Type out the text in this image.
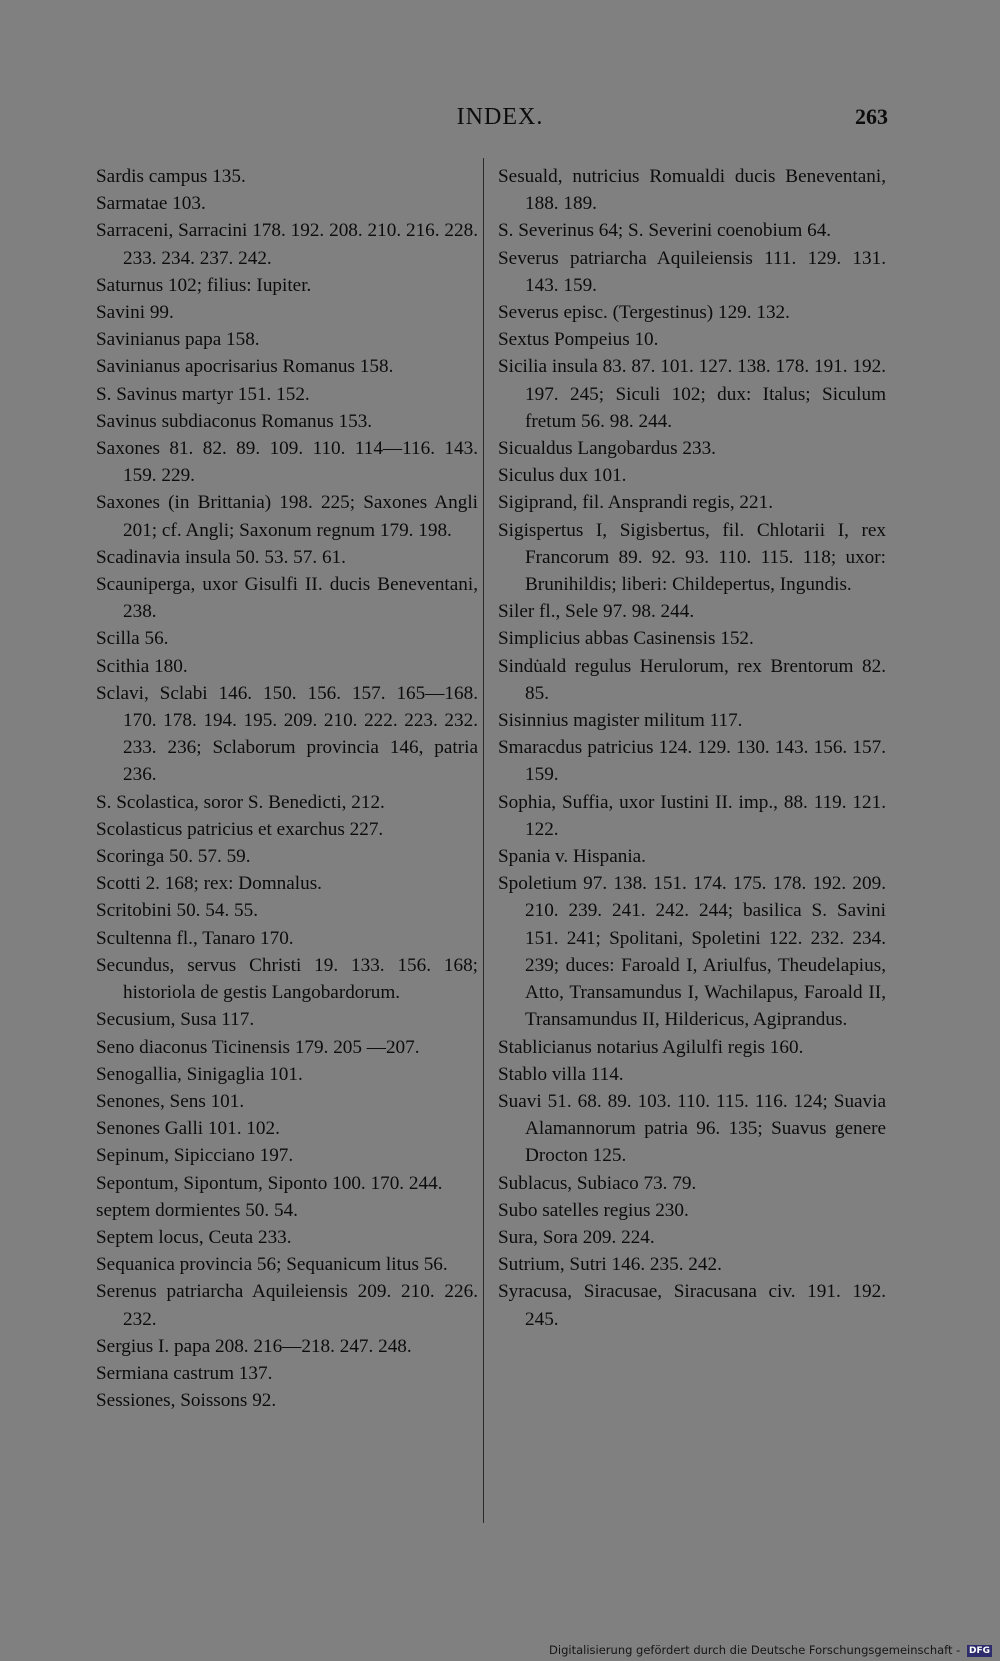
INDEX.	263
Sardis campus 135.
Sarmatae 103.
Sarraceni, Sarracini 178. 192. 208. 210. 216. 228. 233. 234. 237. 242.
Saturnus 102; filius: Iupiter.
Savini 99.
Savinianus papa 158.
Savinianus apocrisarius Romanus 158.
S. Savinus martyr 151. 152.
Savinus subdiaconus Romanus 153.
Saxones 81. 82. 89. 109. 110. 114—116. 143. 159. 229.
Saxones (in Brittania) 198. 225; Saxones Angli 201; cf. Angli; Saxonum regnum 179. 198.
Scadinavia insula 50. 53. 57. 61.
Scauniperga, uxor Gisulfi II. ducis Beneventani, 238.
Scilla 56.
Scithia 180.
Sclavi, Sclabi 146. 150. 156. 157. 165—168. 170. 178. 194. 195. 209. 210. 222. 223. 232. 233. 236; Sclaborum provincia 146, patria 236.
S. Scolastica, soror S. Benedicti, 212.
Scolasticus patricius et exarchus 227.
Scoringa 50. 57. 59.
Scotti 2. 168; rex: Domnalus.
Scritobini 50. 54. 55.
Scultenna fl., Tanaro 170.
Secundus, servus Christi 19. 133. 156. 168; historiola de gestis Langobardorum.
Secusium, Susa 117.
Seno diaconus Ticinensis 179. 205 —207.
Senogallia, Sinigaglia 101.
Senones, Sens 101.
Senones Galli 101. 102.
Sepinum, Sipicciano 197.
Sepontum, Sipontum, Siponto 100. 170. 244.
septem dormientes 50. 54.
Septem locus, Ceuta 233.
Sequanica provincia 56; Sequanicum litus 56.
Serenus patriarcha Aquileiensis 209. 210. 226. 232.
Sergius I. papa 208. 216—218. 247. 248.
Sermiana castrum 137.
Sessiones, Soissons 92.
Sesuald, nutricius Romualdi ducis Beneventani, 188. 189.
S. Severinus 64; S. Severini coenobium 64.
Severus patriarcha Aquileiensis 111. 129. 131. 143. 159.
Severus episc. (Tergestinus) 129. 132.
Sextus Pompeius 10.
Sicilia insula 83. 87. 101. 127. 138. 178. 191. 192. 197. 245; Siculi 102; dux: Italus; Siculum fretum 56. 98. 244.
Sicualdus Langobardus 233.
Siculus dux 101.
Sigiprand, fil. Ansprandi regis, 221.
Sigispertus I, Sigisbertus, fil. Chlotarii I, rex Francorum 89. 92. 93. 110. 115. 118; uxor: Brunihildis; liberi: Childepertus, Ingundis.
Siler fl., Sele 97. 98. 244.
Simplicius abbas Casinensis 152.
Sindu̇ald regulus Herulorum, rex Brentorum 82. 85.
Sisinnius magister militum 117.
Smaracdus patricius 124. 129. 130. 143. 156. 157. 159.
Sophia, Suffia, uxor Iustini II. imp., 88. 119. 121. 122.
Spania v. Hispania.
Spoletium 97. 138. 151. 174. 175. 178. 192. 209. 210. 239. 241. 242. 244; basilica S. Savini 151. 241; Spolitani, Spoletini 122. 232. 234. 239; duces: Faroald I, Ariulfus, Theudelapius, Atto, Transamundus I, Wachilapus, Faroald II, Transamundus II, Hildericus, Agiprandus.
Stablicianus notarius Agilulfi regis 160.
Stablo villa 114.
Suavi 51. 68. 89. 103. 110. 115. 116. 124; Suavia Alamannorum patria 96. 135; Suavus genere Drocton 125.
Sublacus, Subiaco 73. 79.
Subo satelles regius 230.
Sura, Sora 209. 224.
Sutrium, Sutri 146. 235. 242.
Syracusa, Siracusae, Siracusana civ. 191. 192. 245.
Digitalisierung gefördert durch die Deutsche Forschungsgemeinschaft - DFG
